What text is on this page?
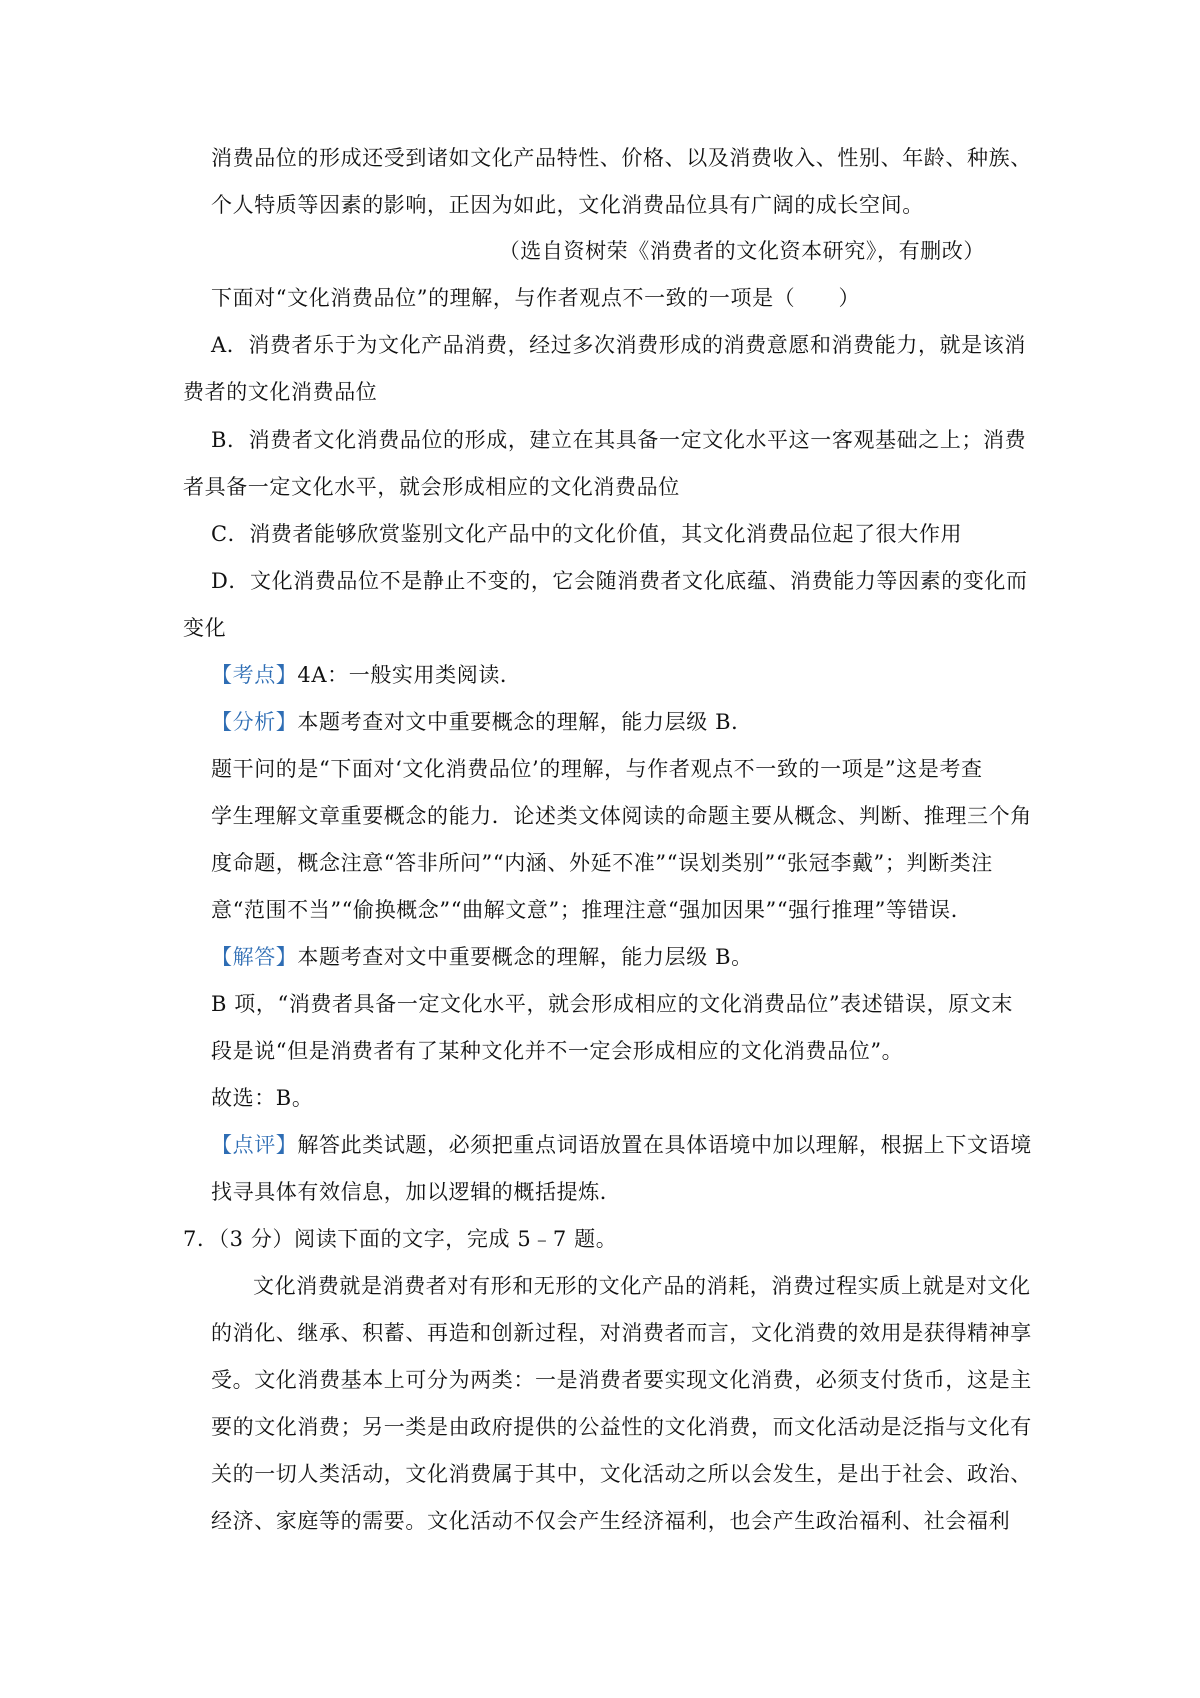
消费品位的形成还受到诸如文化产品特性、价格、以及消费收入、性别、年龄、种族、
个人特质等因素的影响，正因为如此，文化消费品位具有广阔的成长空间。
（选自资树荣《消费者的文化资本研究》，有删改）
下面对“文化消费品位”的理解，与作者观点不一致的一项是（　　）
A．消费者乐于为文化产品消费，经过多次消费形成的消费意愿和消费能力，就是该消
费者的文化消费品位
B．消费者文化消费品位的形成，建立在其具备一定文化水平这一客观基础之上；消费
者具备一定文化水平，就会形成相应的文化消费品位
C．消费者能够欣赏鉴别文化产品中的文化价值，其文化消费品位起了很大作用
D．文化消费品位不是静止不变的，它会随消费者文化底蕴、消费能力等因素的变化而
变化
【考点】4A：一般实用类阅读．
【分析】本题考查对文中重要概念的理解，能力层级 B．
题干问的是“下面对‘文化消费品位’的理解，与作者观点不一致的一项是”这是考查
学生理解文章重要概念的能力．论述类文体阅读的命题主要从概念、判断、推理三个角
度命题，概念注意“答非所问”“内涵、外延不准”“误划类别”“张冠李戴”；判断类注
意“范围不当”“偷换概念”“曲解文意”；推理注意“强加因果”“强行推理”等错误．
【解答】本题考查对文中重要概念的理解，能力层级 B。
B 项，“消费者具备一定文化水平，就会形成相应的文化消费品位”表述错误，原文末
段是说“但是消费者有了某种文化并不一定会形成相应的文化消费品位”。
故选：B。
【点评】解答此类试题，必须把重点词语放置在具体语境中加以理解，根据上下文语境
找寻具体有效信息，加以逻辑的概括提炼．
7．（3 分）阅读下面的文字，完成 5﹣7 题。
文化消费就是消费者对有形和无形的文化产品的消耗，消费过程实质上就是对文化
的消化、继承、积蓄、再造和创新过程，对消费者而言，文化消费的效用是获得精神享
受。文化消费基本上可分为两类：一是消费者要实现文化消费，必须支付货币，这是主
要的文化消费；另一类是由政府提供的公益性的文化消费，而文化活动是泛指与文化有
关的一切人类活动，文化消费属于其中，文化活动之所以会发生，是出于社会、政治、
经济、家庭等的需要。文化活动不仅会产生经济福利，也会产生政治福利、社会福利
